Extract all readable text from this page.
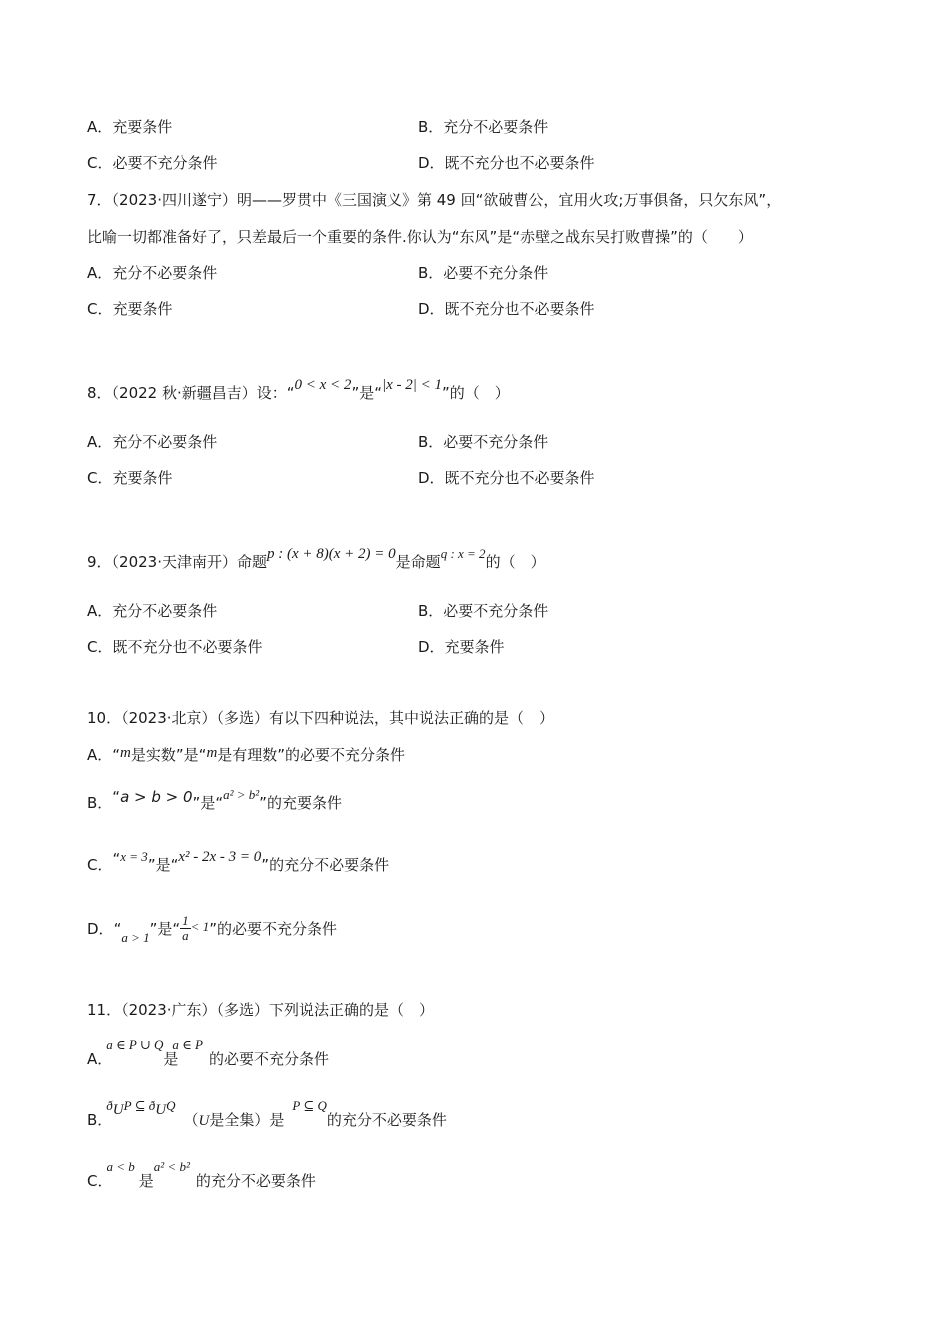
A．充要条件	B．充分不必要条件
C．必要不充分条件	D．既不充分也不必要条件
7．（2023·四川遂宁）明——罗贯中《三国演义》第 49 回“欲破曹公，宜用火攻;万事俱备，只欠东风”，
比喻一切都准备好了，只差最后一个重要的条件.你认为“东风”是“赤壁之战东吴打败曹操”的（　　）
A．充分不必要条件	B．必要不充分条件
C．充要条件	D．既不充分也不必要条件
8．（2022 秋·新疆昌吉）设：“0 < x < 2”是“|x - 2| < 1”的（　）
A．充分不必要条件	B．必要不充分条件
C．充要条件	D．既不充分也不必要条件
9．（2023·天津南开）命题p : (x + 8)(x + 2) = 0是命题q : x = 2的（　）
A．充分不必要条件	B．必要不充分条件
C．既不充分也不必要条件	D．充要条件
10．（2023·北京）（多选）有以下四种说法，其中说法正确的是（　）
A．“m是实数”是“m是有理数”的必要不充分条件
B．“a > b > 0”是“a² > b²”的充要条件
C．“x = 3”是“x² - 2x - 3 = 0”的充分不必要条件
D．“a > 1”是“ $\frac{1}{a} < 1$”的必要不充分条件
11．（2023·广东）（多选）下列说法正确的是（　）
A．a ∈ P ∪ Q是a ∈ P的必要不充分条件
B．$ð_UP$ ⊆ $ð_UQ(U$是全集）是P ⊆ Q的充分不必要条件
C．a < b是a² < b²的充分不必要条件
